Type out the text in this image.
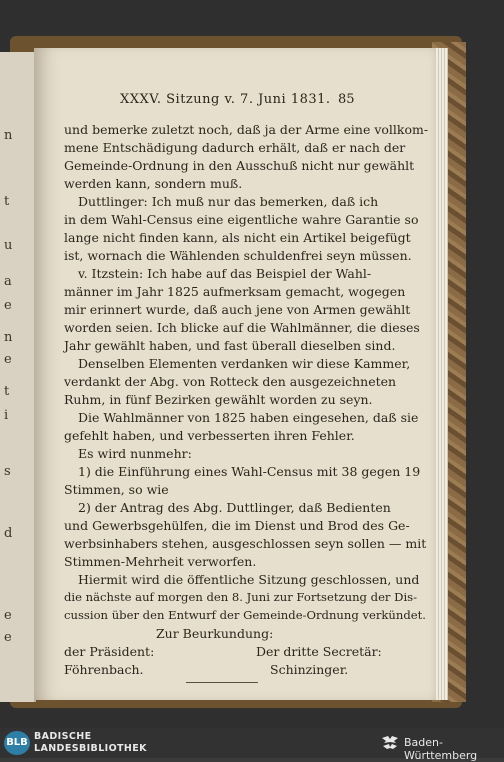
n
t
u
a
e
n
e
t
i
s
d
e
e
XXXV. Sitzung v. 7. Juni 1831. 85
und bemerke zuletzt noch, daß ja der Arme eine vollkom-
mene Entschädigung dadurch erhält, daß er nach der
Gemeinde-Ordnung in den Ausschuß nicht nur gewählt
werden kann, sondern muß.
Duttlinger: Ich muß nur das bemerken, daß ich
in dem Wahl-Census eine eigentliche wahre Garantie so
lange nicht finden kann, als nicht ein Artikel beigefügt
ist, wornach die Wählenden schuldenfrei seyn müssen.
v. Itzstein: Ich habe auf das Beispiel der Wahl-
männer im Jahr 1825 aufmerksam gemacht, wogegen
mir erinnert wurde, daß auch jene von Armen gewählt
worden seien. Ich blicke auf die Wahlmänner, die dieses
Jahr gewählt haben, und fast überall dieselben sind.
Denselben Elementen verdanken wir diese Kammer,
verdankt der Abg. von Rotteck den ausgezeichneten
Ruhm, in fünf Bezirken gewählt worden zu seyn.
Die Wahlmänner von 1825 haben eingesehen, daß sie
gefehlt haben, und verbesserten ihren Fehler.
Es wird nunmehr:
1) die Einführung eines Wahl-Census mit 38 gegen 19
Stimmen, so wie
2) der Antrag des Abg. Duttlinger, daß Bedienten
und Gewerbsgehülfen, die im Dienst und Brod des Ge-
werbsinhabers stehen, ausgeschlossen seyn sollen — mit
Stimmen-Mehrheit verworfen.
Hiermit wird die öffentliche Sitzung geschlossen, und
die nächste auf morgen den 8. Juni zur Fortsetzung der Dis-
cussion über den Entwurf der Gemeinde-Ordnung verkündet.
Zur Beurkundung:
der Präsident:	Der dritte Secretär:
Föhrenbach.	Schinzinger.
BLB
BADISCHE
LANDESBIBLIOTHEK	Baden-Württemberg
